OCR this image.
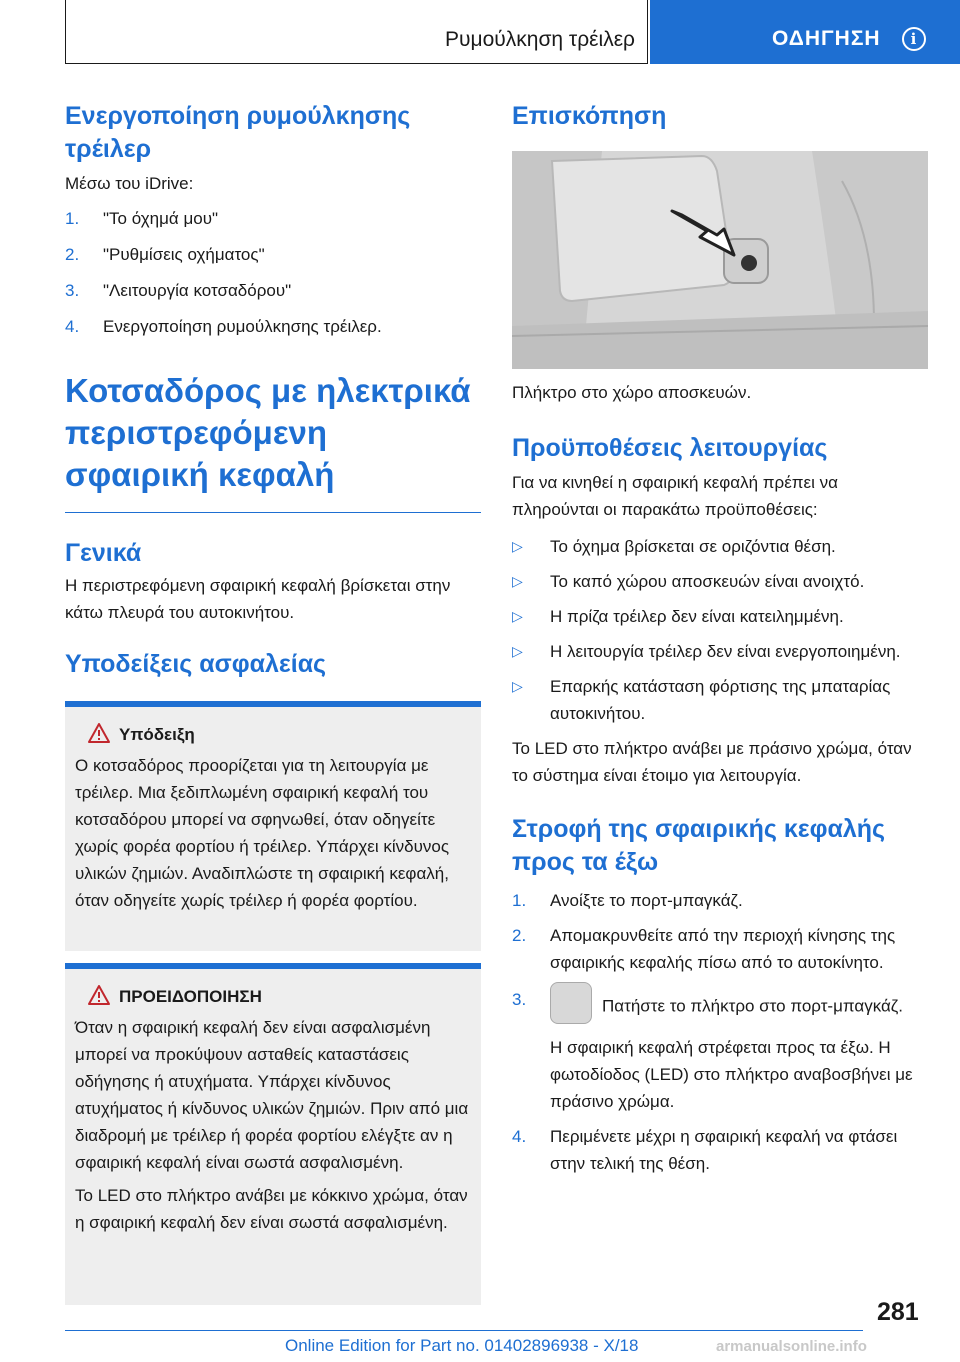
Ρυμούλκηση τρέιλερ	ΟΔΗΓΗΣΗ	i
Ενεργοποίηση ρυμούλκησης τρέιλερ

Μέσω του iDrive:

1. "Το όχημά μου"
2. "Ρυθμίσεις οχήματος"
3. "Λειτουργία κοτσαδόρου"
4. Ενεργοποίηση ρυμούλκησης τρέιλερ.
Κοτσαδόρος με ηλεκτρικά περιστρεφόμενη σφαιρική κεφαλή
Γενικά

Η περιστρεφόμενη σφαιρική κεφαλή βρίσκεται στην κάτω πλευρά του αυτοκινήτου.

Υποδείξεις ασφαλείας
Υπόδειξη

Ο κοτσαδόρος προορίζεται για τη λειτουργία με τρέιλερ. Μια ξεδιπλωμένη σφαιρική κεφαλή του κοτσαδόρου μπορεί να σφηνωθεί, όταν οδηγείτε χωρίς φορέα φορτίου ή τρέιλερ. Υπάρχει κίνδυνος υλικών ζημιών. Αναδιπλώστε τη σφαιρική κεφαλή, όταν οδηγείτε χωρίς τρέιλερ ή φορέα φορτίου.

ΠΡΟΕΙΔΟΠΟΙΗΣΗ

Όταν η σφαιρική κεφαλή δεν είναι ασφαλισμένη μπορεί να προκύψουν ασταθείς καταστάσεις οδήγησης ή ατυχήματα. Υπάρχει κίνδυνος ατυχήματος ή κίνδυνος υλικών ζημιών. Πριν από μια διαδρομή με τρέιλερ ή φορέα φορτίου ελέγξτε αν η σφαιρική κεφαλή είναι σωστά ασφαλισμένη.

Το LED στο πλήκτρο ανάβει με κόκκινο χρώμα, όταν η σφαιρική κεφαλή δεν είναι σωστά ασφαλισμένη.

Επισκόπηση

Πλήκτρο στο χώρο αποσκευών.

Προϋποθέσεις λειτουργίας

Για να κινηθεί η σφαιρική κεφαλή πρέπει να πληρούνται οι παρακάτω προϋποθέσεις:

▷ Το όχημα βρίσκεται σε οριζόντια θέση.
▷ Το καπό χώρου αποσκευών είναι ανοιχτό.
▷ Η πρίζα τρέιλερ δεν είναι κατειλημμένη.
▷ Η λειτουργία τρέιλερ δεν είναι ενεργοποιημένη.
▷ Επαρκής κατάσταση φόρτισης της μπαταρίας αυτοκινήτου.

Το LED στο πλήκτρο ανάβει με πράσινο χρώμα, όταν το σύστημα είναι έτοιμο για λειτουργία.

Στροφή της σφαιρικής κεφαλής προς τα έξω
1. Ανοίξτε το πορτ-μπαγκάζ.
2. Απομακρυνθείτε από την περιοχή κίνησης της σφαιρικής κεφαλής πίσω από το αυτοκίνητο.
3.	Πατήστε το πλήκτρο στο πορτ-μπαγκάζ.
Η σφαιρική κεφαλή στρέφεται προς τα έξω. Η φωτοδίοδος (LED) στο πλήκτρο αναβοσβήνει με πράσινο χρώμα.
4. Περιμένετε μέχρι η σφαιρική κεφαλή να φτάσει στην τελική της θέση.
281
Online Edition for Part no. 01402896938 - X/18	armanualsonline.info
